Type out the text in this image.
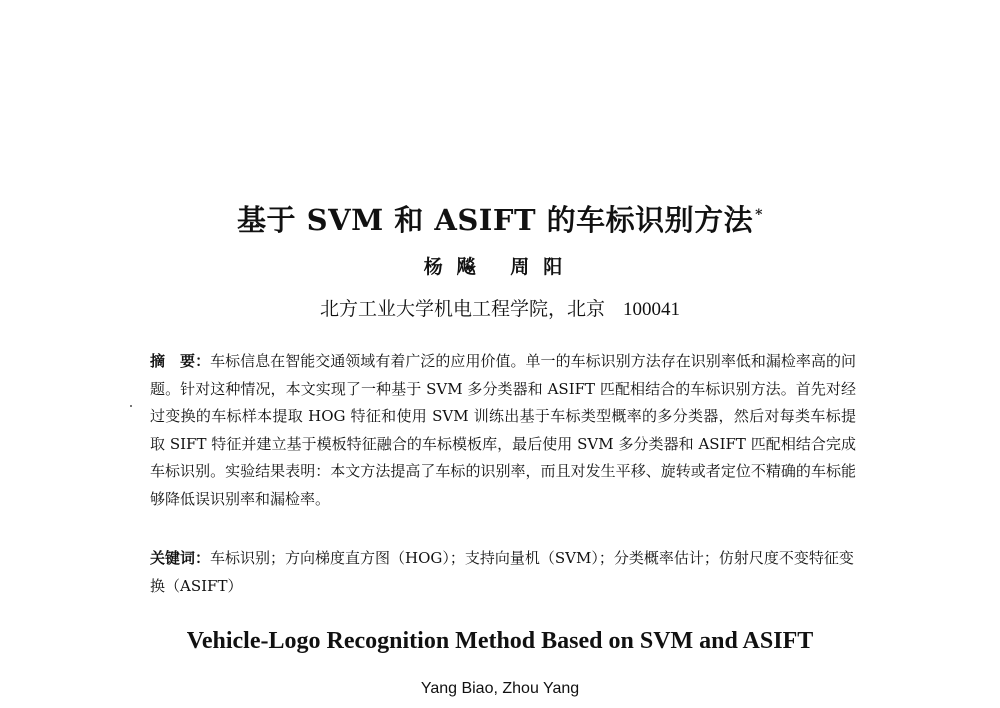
基于 SVM 和 ASIFT 的车标识别方法 *
杨飚 周阳
北方工业大学机电工程学院，北京 100041
摘　要：车标信息在智能交通领域有着广泛的应用价值。单一的车标识别方法存在识别率低和漏检率高的问题。针对这种情况，本文实现了一种基于 SVM 多分类器和 ASIFT 匹配相结合的车标识别方法。首先对经过变换的车标样本提取 HOG 特征和使用 SVM 训练出基于车标类型概率的多分类器，然后对每类车标提取 SIFT 特征并建立基于模板特征融合的车标模板库，最后使用 SVM 多分类器和 ASIFT 匹配相结合完成车标识别。实验结果表明：本文方法提高了车标的识别率，而且对发生平移、旋转或者定位不精确的车标能够降低误识别率和漏检率。
关键词：车标识别；方向梯度直方图（HOG）；支持向量机（SVM）；分类概率估计；仿射尺度不变特征变换（ASIFT）
Vehicle-Logo Recognition Method Based on SVM and ASIFT
Yang Biao, Zhou Yang
